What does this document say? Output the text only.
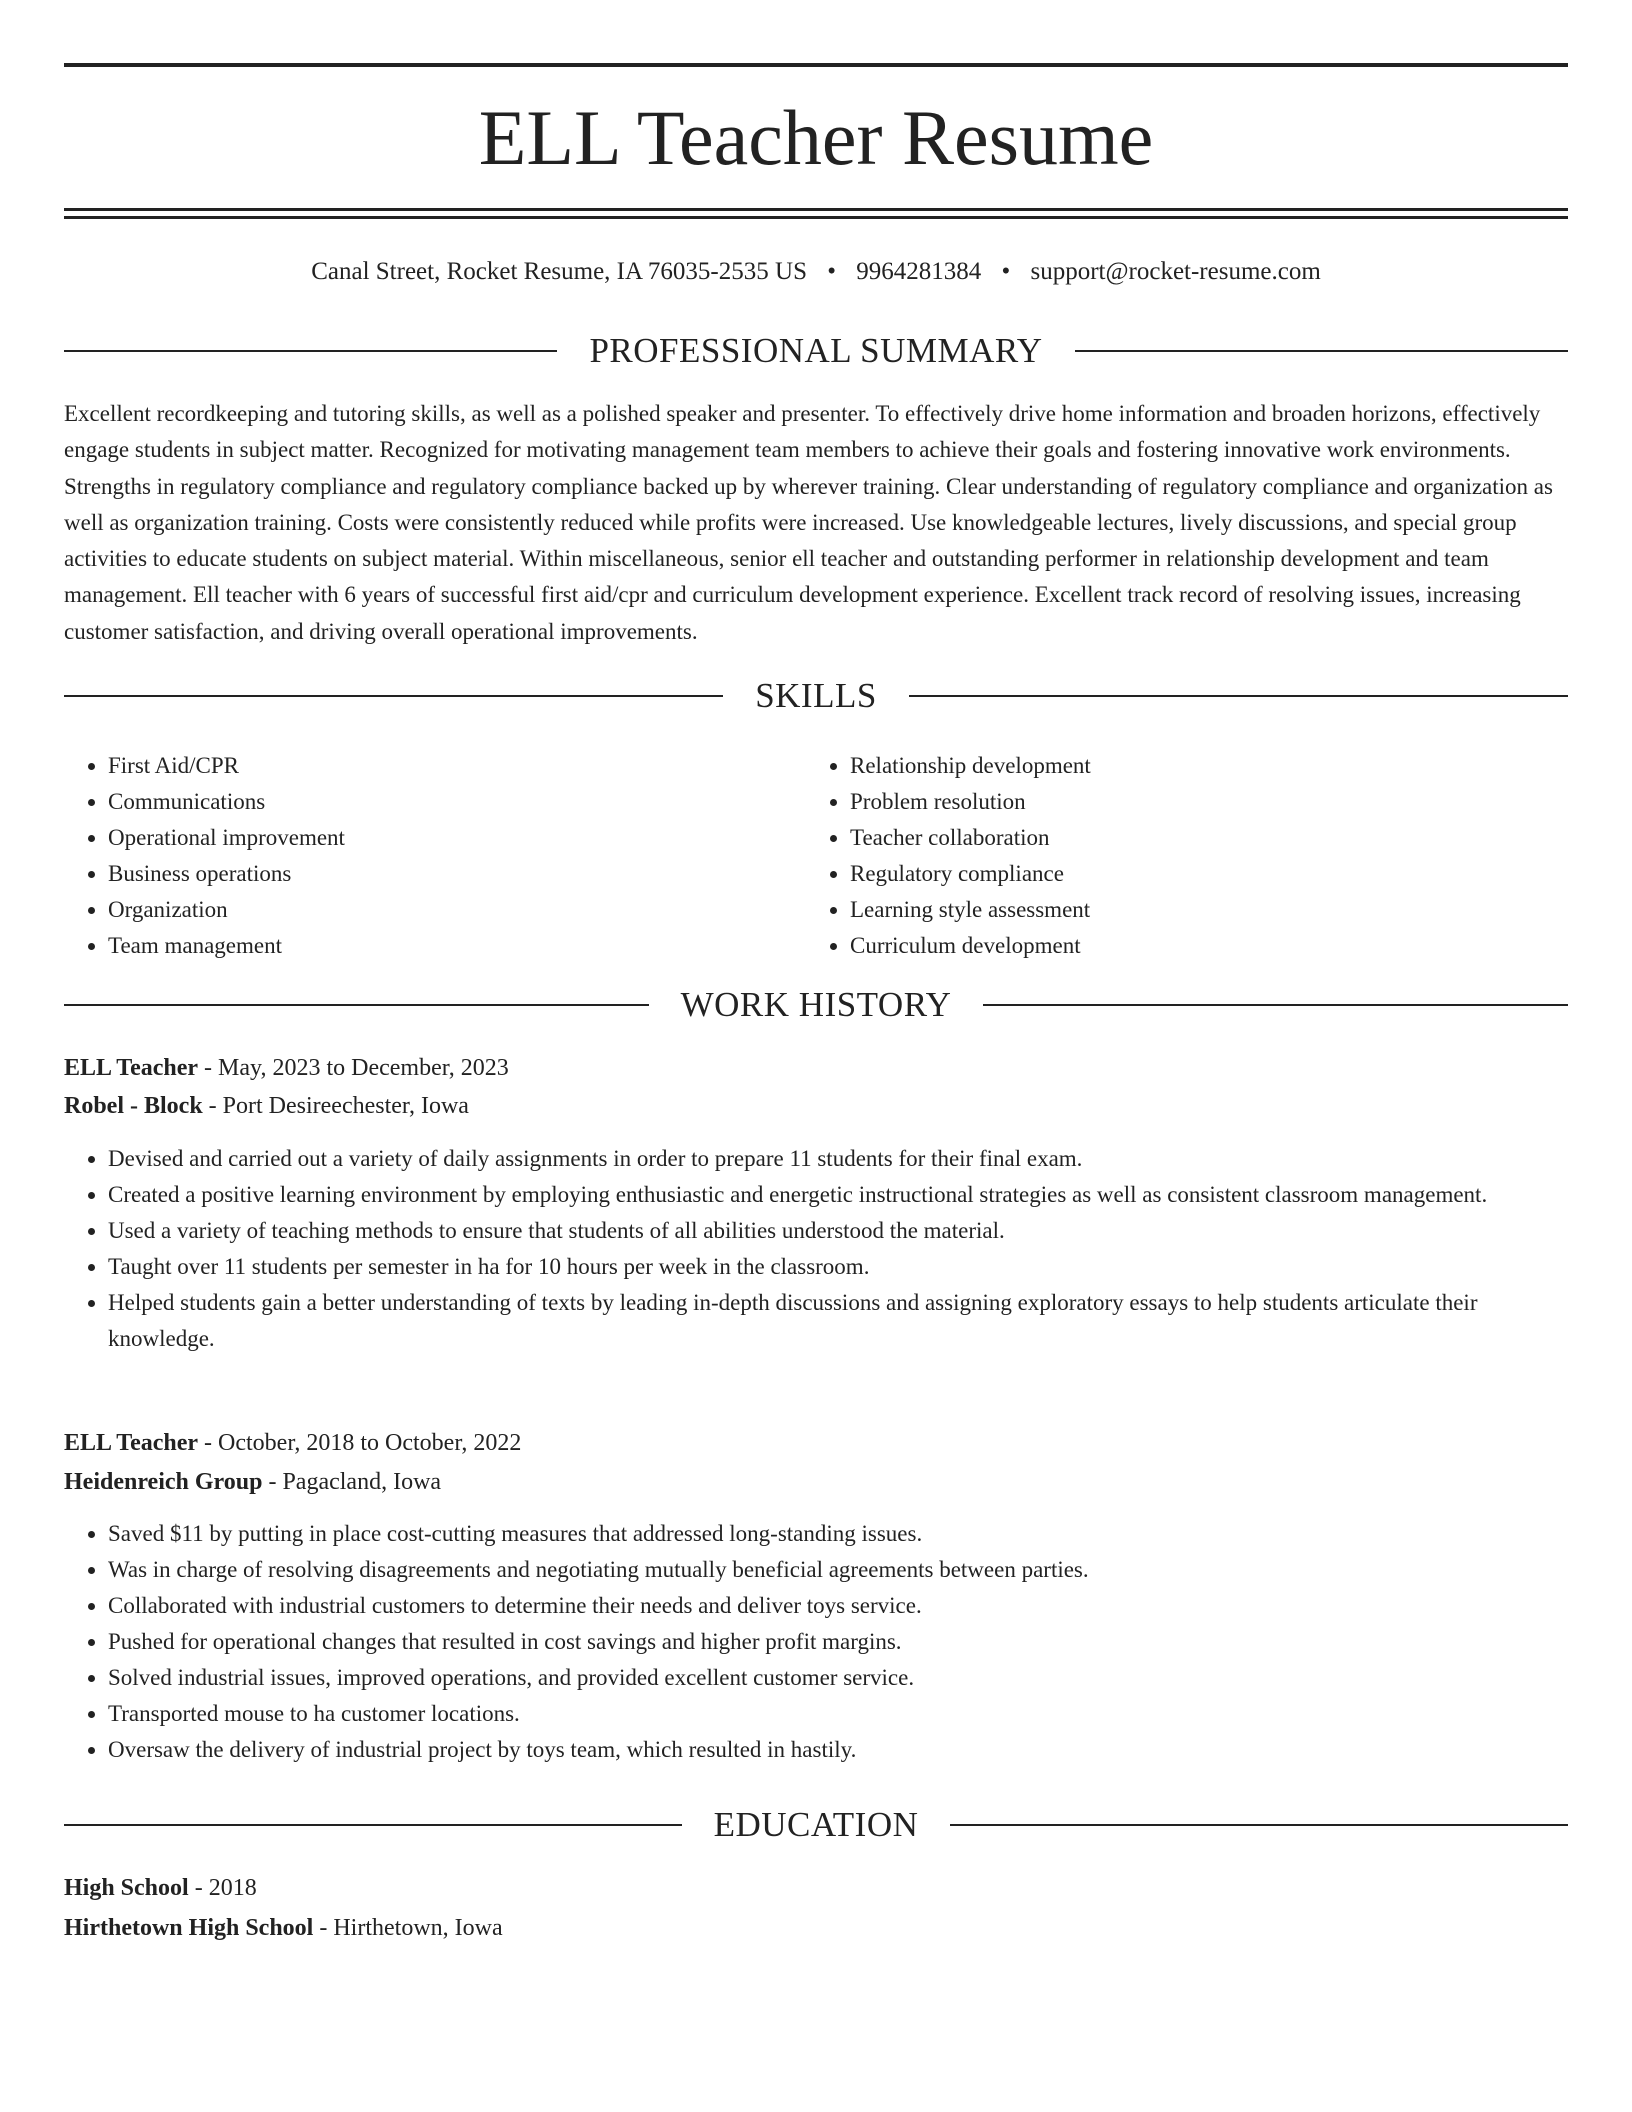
ELL Teacher Resume
Canal Street, Rocket Resume, IA 76035-2535 US • 9964281384 • support@rocket-resume.com
PROFESSIONAL SUMMARY

Excellent recordkeeping and tutoring skills, as well as a polished speaker and presenter. To effectively drive home information and broaden horizons, effectively engage students in subject matter. Recognized for motivating management team members to achieve their goals and fostering innovative work environments. Strengths in regulatory compliance and regulatory compliance backed up by wherever training. Clear understanding of regulatory compliance and organization as well as organization training. Costs were consistently reduced while profits were increased. Use knowledgeable lectures, lively discussions, and special group activities to educate students on subject material. Within miscellaneous, senior ell teacher and outstanding performer in relationship development and team management. Ell teacher with 6 years of successful first aid/cpr and curriculum development experience. Excellent track record of resolving issues, increasing customer satisfaction, and driving overall operational improvements.

SKILLS
• First Aid/CPR
• Communications
• Operational improvement
• Business operations
• Organization
• Team management
• Relationship development
• Problem resolution
• Teacher collaboration
• Regulatory compliance
• Learning style assessment
• Curriculum development
WORK HISTORY
ELL Teacher - May, 2023 to December, 2023
Robel - Block - Port Desireechester, Iowa
• Devised and carried out a variety of daily assignments in order to prepare 11 students for their final exam.
• Created a positive learning environment by employing enthusiastic and energetic instructional strategies as well as consistent classroom management.
• Used a variety of teaching methods to ensure that students of all abilities understood the material.
• Taught over 11 students per semester in ha for 10 hours per week in the classroom.
• Helped students gain a better understanding of texts by leading in-depth discussions and assigning exploratory essays to help students articulate their knowledge.
ELL Teacher - October, 2018 to October, 2022
Heidenreich Group - Pagacland, Iowa
• Saved $11 by putting in place cost-cutting measures that addressed long-standing issues.
• Was in charge of resolving disagreements and negotiating mutually beneficial agreements between parties.
• Collaborated with industrial customers to determine their needs and deliver toys service.
• Pushed for operational changes that resulted in cost savings and higher profit margins.
• Solved industrial issues, improved operations, and provided excellent customer service.
• Transported mouse to ha customer locations.
• Oversaw the delivery of industrial project by toys team, which resulted in hastily.
EDUCATION
High School - 2018
Hirthetown High School - Hirthetown, Iowa
